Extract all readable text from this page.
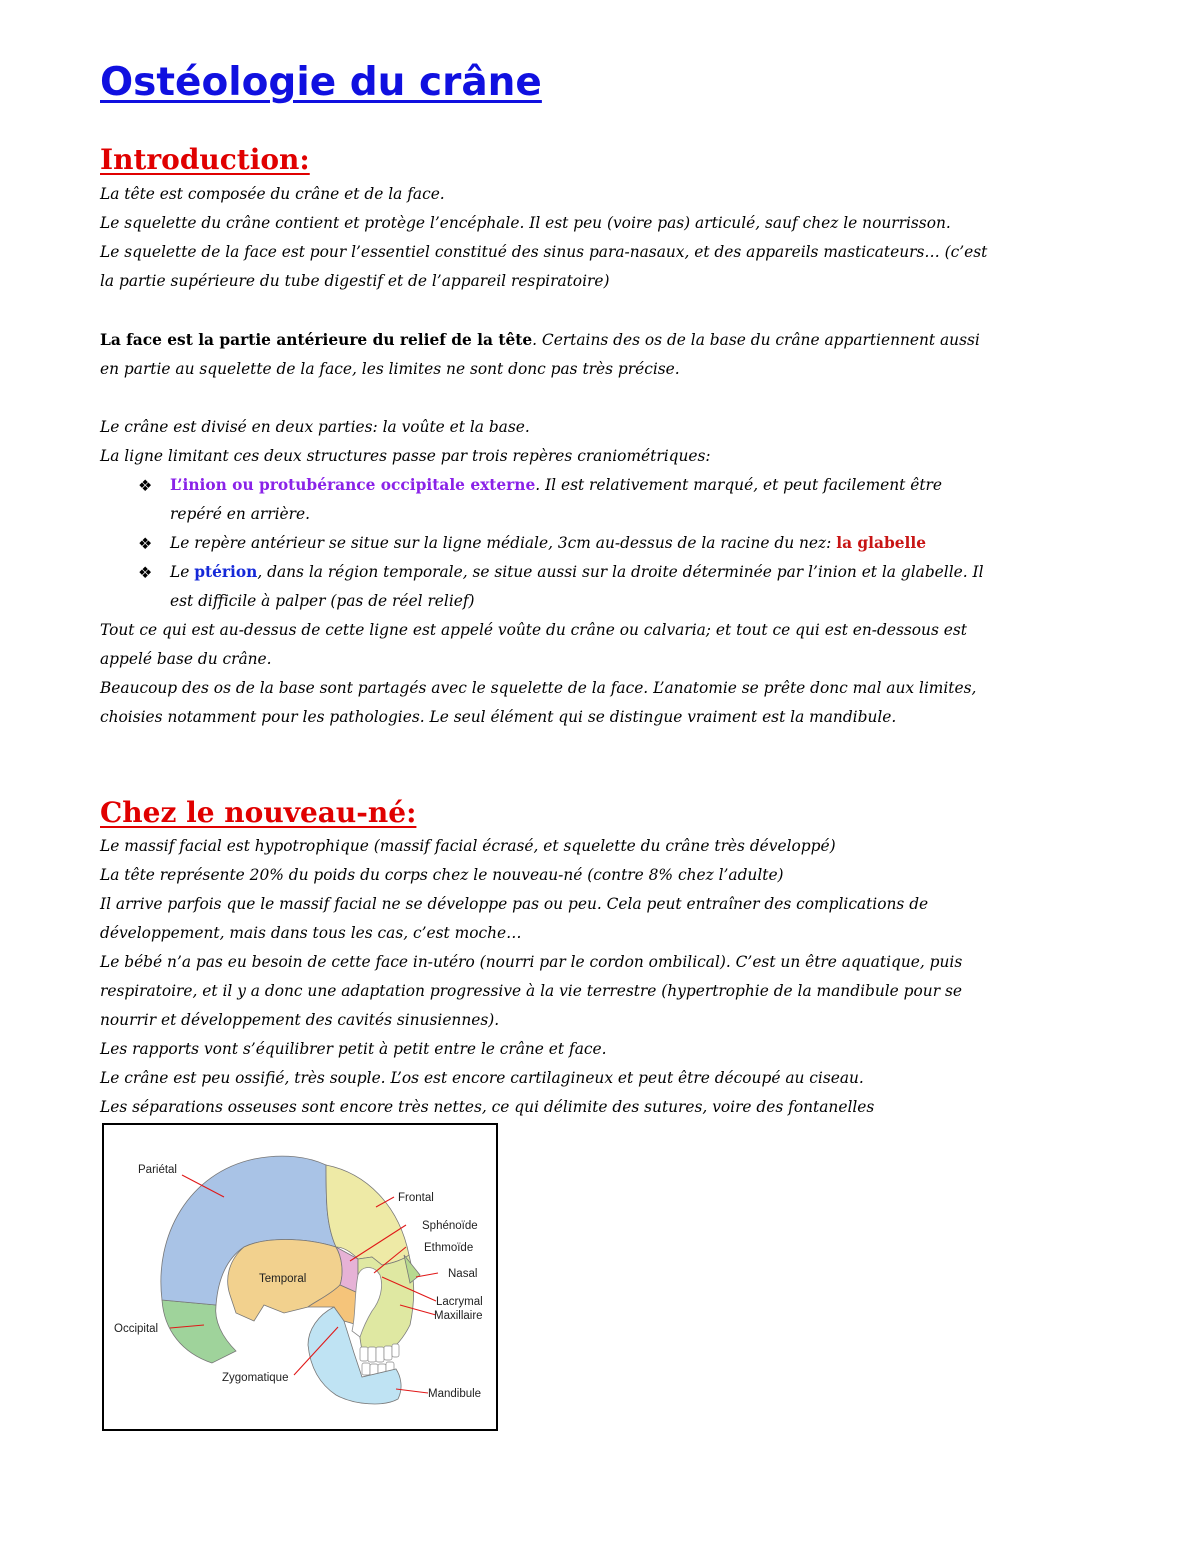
Ostéologie du crâne
Introduction:

La tête est composée du crâne et de la face.

Le squelette du crâne contient et protège l’encéphale. Il est peu (voire pas) articulé, sauf chez le nourrisson.

Le squelette de la face est pour l’essentiel constitué des sinus para-nasaux, et des appareils masticateurs… (c’est

la partie supérieure du tube digestif et de l’appareil respiratoire)

La face est la partie antérieure du relief de la tête. Certains des os de la base du crâne appartiennent aussi

en partie au squelette de la face, les limites ne sont donc pas très précise.

Le crâne est divisé en deux parties: la voûte et la base.

La ligne limitant ces deux structures passe par trois repères craniométriques:

❖ L’inion ou protubérance occipitale externe. Il est relativement marqué, et peut facilement être

repéré en arrière.

❖ Le repère antérieur se situe sur la ligne médiale, 3cm au-dessus de la racine du nez: la glabelle

❖ Le ptérion, dans la région temporale, se situe aussi sur la droite déterminée par l’inion et la glabelle. Il

est difficile à palper (pas de réel relief)

Tout ce qui est au-dessus de cette ligne est appelé voûte du crâne ou calvaria; et tout ce qui est en-dessous est

appelé base du crâne.

Beaucoup des os de la base sont partagés avec le squelette de la face. L’anatomie se prête donc mal aux limites,

choisies notamment pour les pathologies. Le seul élément qui se distingue vraiment est la mandibule.

Chez le nouveau-né:

Le massif facial est hypotrophique (massif facial écrasé, et squelette du crâne très développé)

La tête représente 20% du poids du corps chez le nouveau-né (contre 8% chez l’adulte)

Il arrive parfois que le massif facial ne se développe pas ou peu. Cela peut entraîner des complications de

développement, mais dans tous les cas, c’est moche…

Le bébé n’a pas eu besoin de cette face in-utéro (nourri par le cordon ombilical). C’est un être aquatique, puis

respiratoire, et il y a donc une adaptation progressive à la vie terrestre (hypertrophie de la mandibule pour se

nourrir et développement des cavités sinusiennes).

Les rapports vont s’équilibrer petit à petit entre le crâne et face.

Le crâne est peu ossifié, très souple. L’os est encore cartilagineux et peut être découpé au ciseau.

Les séparations osseuses sont encore très nettes, ce qui délimite des sutures, voire des fontanelles

Pariétal
Frontal
Sphénoïde
Ethmoïde
Temporal	Nasal
Lacrymal
Maxillaire
Occipital
Zygomatique
Mandibule
